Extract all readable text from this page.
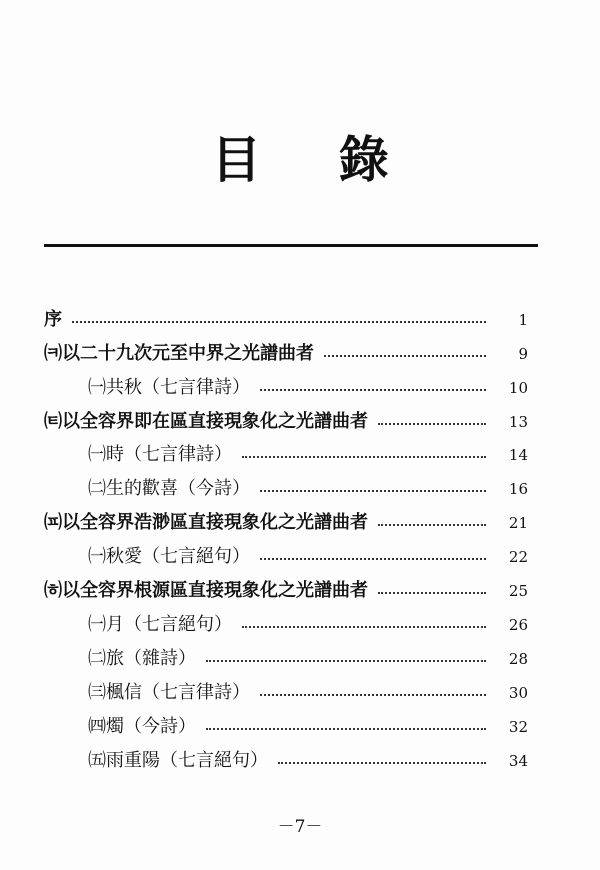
目 錄
序	1
㈊以二十九次元至中界之光譜曲者	9
㈠共秋（七言律詩）	10
㈋以全容界即在區直接現象化之光譜曲者	13
㈠時（七言律詩）	14
㈡生的歡喜（今詩）	16
㈌以全容界浩渺區直接現象化之光譜曲者	21
㈠秋愛（七言絕句）	22
㈍以全容界根源區直接現象化之光譜曲者	25
㈠月（七言絕句）	26
㈡旅（雜詩）	28
㈢楓信（七言律詩）	30
㈣燭（今詩）	32
㈤雨重陽（七言絕句）	34
－7－
